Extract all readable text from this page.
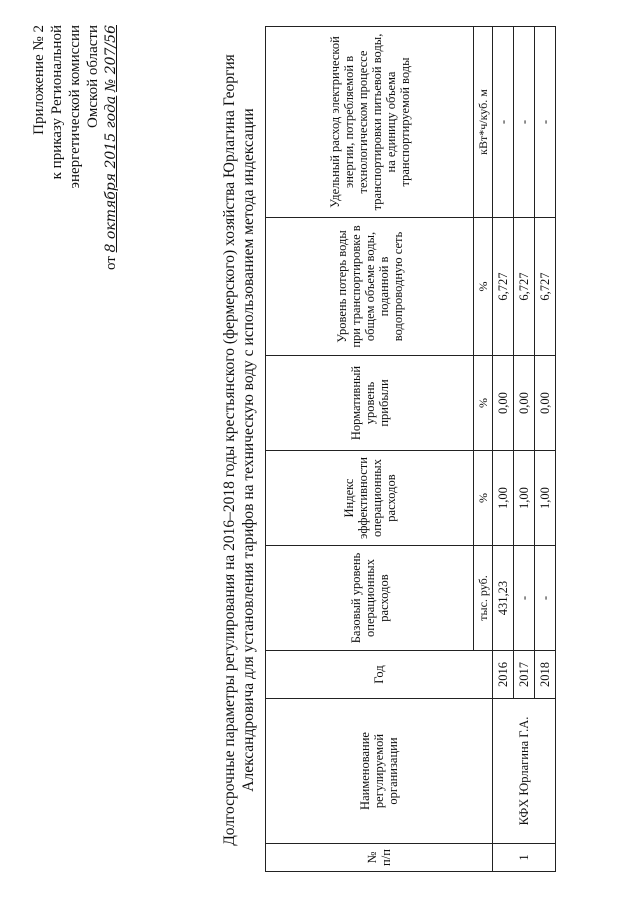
Приложение № 2 к приказу Региональной энергетической комиссии Омской области
от 8 октября 2015 года № 207/56	Долгосрочные параметры регулирования на 2016–2018 годы крестьянского (фермерского) хозяйства Юрлагина Георгия Александровича для установления тарифов на техническую воду с использованием метода индексации
№ п/п	Наименование регулируемой организации	Год	Базовый уровень операционных расходов	Индекс эффективности операционных расходов	Нормативный уровень прибыли	Уровень потерь воды при транспортировке в общем объеме воды, поданной в водопроводную сеть	Удельный расход электрической энергии, потребляемой в технологическом процессе транспортировки питьевой воды, на единицу объема транспортируемой воды
			тыс. руб.	%	%	%	кВт*ч/куб. м
1	КФХ Юрлагина Г.А.	2016	431,23	1,00	0,00	6,727	-
		2017	-	1,00	0,00	6,727	-
		2018	-	1,00	0,00	6,727	-
